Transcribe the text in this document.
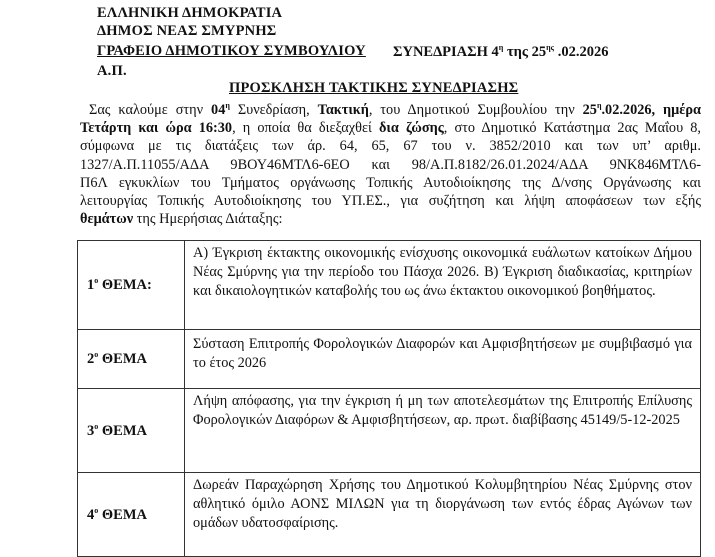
ΕΛΛΗΝΙΚΗ ΔΗΜΟΚΡΑΤΙΑ
ΔΗΜΟΣ ΝΕΑΣ ΣΜΥΡΝΗΣ
ΓΡΑΦΕΙΟ ΔΗΜΟΤΙΚΟΥ ΣΥΜΒΟΥΛΙΟΥ
Α.Π.
ΣΥΝΕΔΡΙΑΣΗ $4^\eta$ της $25^{\eta\varsigma}$ .02.2026
ΠΡΟΣΚΛΗΣΗ ΤΑΚΤΙΚΗΣ ΣΥΝΕΔΡΙΑΣΗΣ
Σας καλούμε στην $04^\eta$ Συνεδρίαση, Τακτική, του Δημοτικού Συμβουλίου την $25^\eta.02.2026$, ημέρα
Τετάρτη και ώρα 16:30, η οποία θα διεξαχθεί δια ζώσης, στο Δημοτικό Κατάστημα 2ας Μαΐου 8,
σύμφωνα με τις διατάξεις των άρ. 64, 65, 67 του ν. 3852/2010 και των υπ’ αριθμ.
1327/Α.Π.11055/ΑΔΑ 9ΒΟΥ46ΜΤΛ6-6ΕΟ και 98/Α.Π.8182/26.01.2024/ΑΔΑ 9ΝΚ846ΜΤΛ6-
Π6Λ εγκυκλίων του Τμήματος οργάνωσης Τοπικής Αυτοδιοίκησης της Δ/νσης Οργάνωσης και
λειτουργίας Τοπικής Αυτοδιοίκησης του ΥΠ.ΕΣ., για συζήτηση και λήψη αποφάσεων των εξής
θεμάτων της Ημερήσιας Διάταξης:
$1^o$ ΘΕΜΑ:	Α) Έγκριση έκτακτης οικονομικής ενίσχυσης οικονομικά ευάλωτων κατοίκων Δήμου Νέας Σμύρνης για την περίοδο του Πάσχα 2026. Β) Έγκριση διαδικασίας, κριτηρίων και δικαιολογητικών καταβολής του ως άνω έκτακτου οικονομικού βοηθήματος.
$2^o$ ΘΕΜΑ	Σύσταση Επιτροπής Φορολογικών Διαφορών και Αμφισβητήσεων με συμβιβασμό για το έτος 2026
$3^o$ ΘΕΜΑ	Λήψη απόφασης, για την έγκριση ή μη των αποτελεσμάτων της Επιτροπής Επίλυσης Φορολογικών Διαφόρων & Αμφισβητήσεων, αρ. πρωτ. διαβίβασης 45149/5-12-2025
$4^o$ ΘΕΜΑ	Δωρεάν Παραχώρηση Χρήσης του Δημοτικού Κολυμβητηρίου Νέας Σμύρνης στον αθλητικό όμιλο ΑΟΝΣ ΜΙΛΩΝ για τη διοργάνωση των εντός έδρας Αγώνων των ομάδων υδατοσφαίρισης.
